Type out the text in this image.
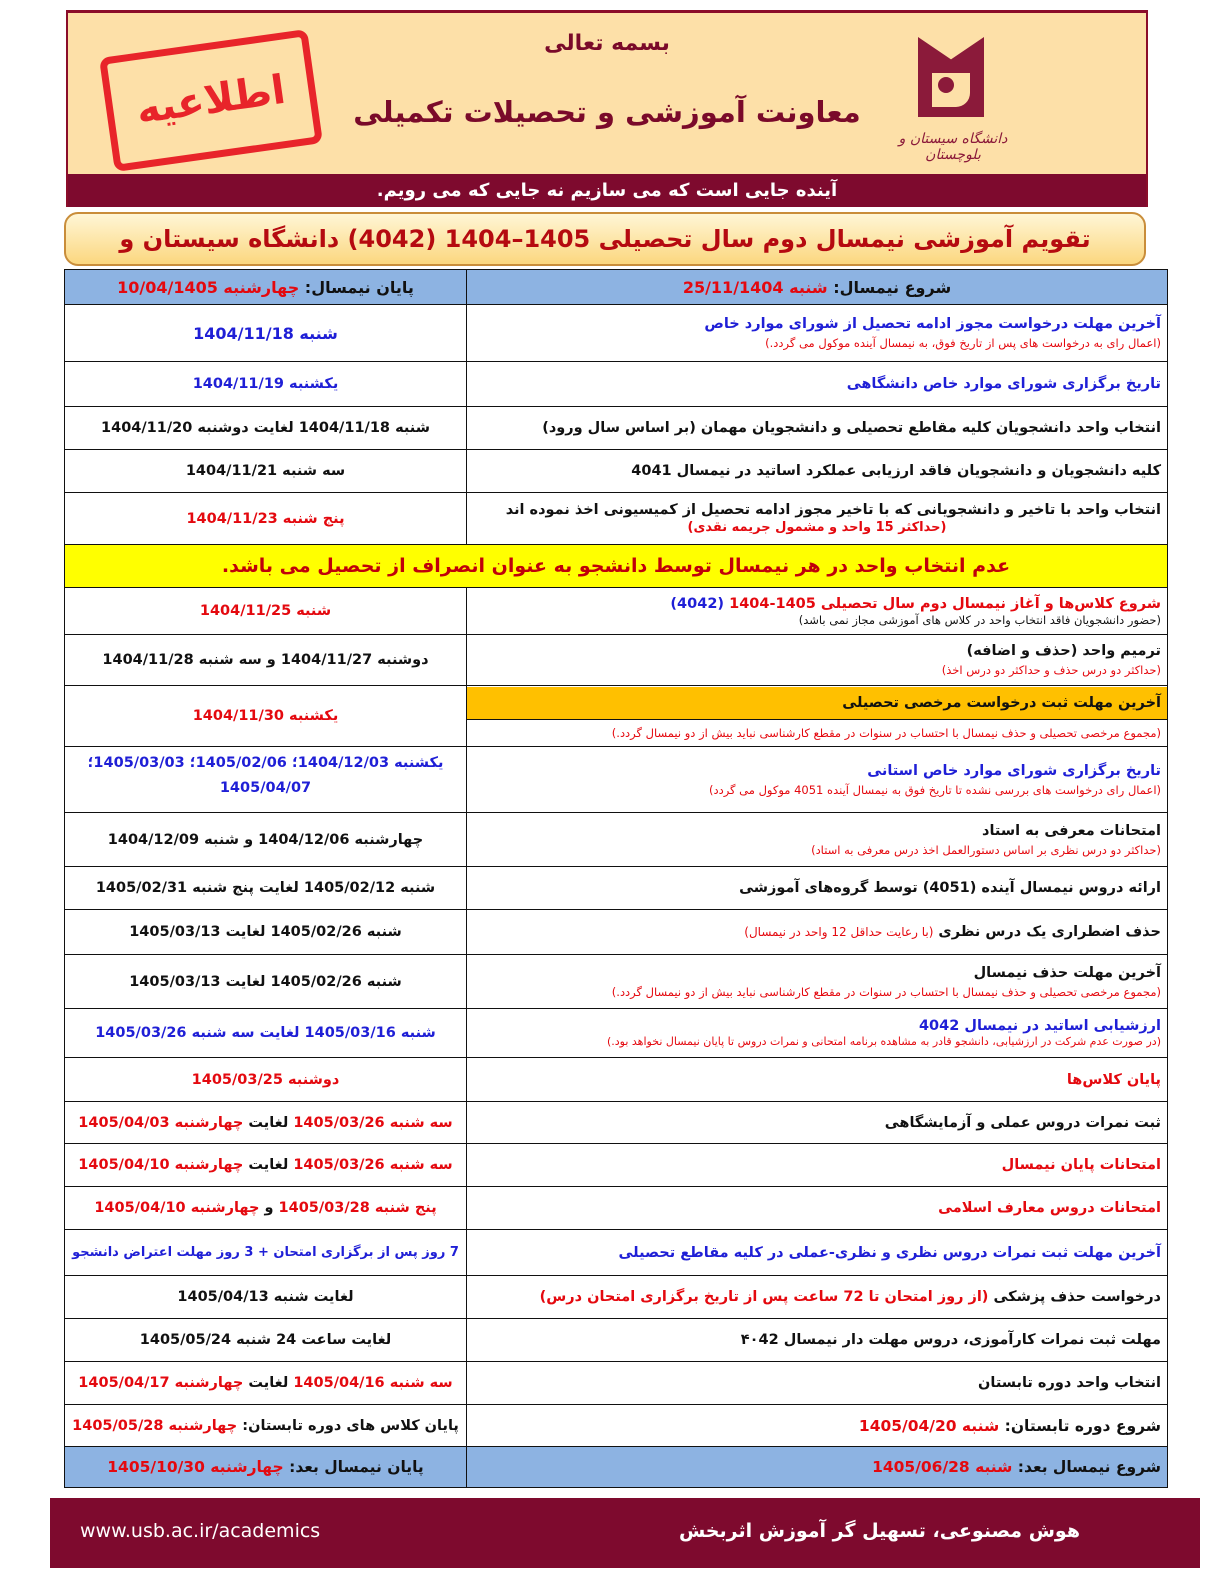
بسمه تعالی
معاونت آموزشی و تحصیلات تکمیلی
اطلاعیه
دانشگاه سیستان و بلوچستان
آینده جایی است که می سازیم نه جایی که می رویم.
تقویم آموزشی نیمسال دوم سال تحصیلی 1405–1404 (4042) دانشگاه سیستان و بلوچستان	شروع نیمسال: شنبه 25/11/1404	پایان نیمسال: چهارشنبه 10/04/1405
آخرین مهلت درخواست مجوز ادامه تحصیل از شورای موارد خاص
(اعمال رای به درخواست های پس از تاریخ فوق، به نیمسال آینده موکول می گردد.)
	شنبه 1404/11/18
تاریخ برگزاری شورای موارد خاص دانشگاهی	یکشنبه 1404/11/19
انتخاب واحد دانشجویان کلیه مقاطع تحصیلی و دانشجویان مهمان (بر اساس سال ورود)	شنبه 1404/11/18 لغایت دوشنبه 1404/11/20
کلیه دانشجویان و دانشجویان فاقد ارزیابی عملکرد اساتید در نیمسال 4041	سه شنبه 1404/11/21
انتخاب واحد با تاخیر و دانشجویانی که با تاخیر مجوز ادامه تحصیل از کمیسیونی اخذ نموده اند
(حداکثر 15 واحد و مشمول جریمه نقدی)
	پنج شنبه 1404/11/23
عدم انتخاب واحد در هر نیمسال توسط دانشجو به عنوان انصراف از تحصیل می باشد.
شروع کلاس‌ها و آغاز نیمسال دوم سال تحصیلی 1405-1404 (4042)
(حضور دانشجویان فاقد انتخاب واحد در کلاس های آموزشی مجاز نمی باشد)
	شنبه 1404/11/25
ترمیم واحد (حذف و اضافه)
(حداکثر دو درس حذف و حداکثر دو درس اخذ)
	دوشنبه 1404/11/27 و سه شنبه 1404/11/28

آخرین مهلت ثبت درخواست مرخصی تحصیلی
(مجموع مرخصی تحصیلی و حذف نیمسال با احتساب در سنوات در مقطع کارشناسی نباید بیش از دو نیمسال گردد.)
	یکشنبه 1404/11/30
تاریخ برگزاری شورای موارد خاص استانی
(اعمال رای درخواست های بررسی نشده تا تاریخ فوق به نیمسال آینده 4051 موکول می گردد)
	یکشنبه 1404/12/03؛ 1405/02/06؛ 1405/03/03؛
1405/04/07
امتحانات معرفی به استاد
(حداکثر دو درس نظری بر اساس دستورالعمل اخذ درس معرفی به استاد)
	چهارشنبه 1404/12/06 و شنبه 1404/12/09
ارائه دروس نیمسال آینده (4051) توسط گروه‌های آموزشی	شنبه 1405/02/12 لغایت پنج شنبه 1405/02/31
حذف اضطراری یک درس نظری (با رعایت حداقل 12 واحد در نیمسال)	شنبه 1405/02/26 لغایت 1405/03/13
آخرین مهلت حذف نیمسال
(مجموع مرخصی تحصیلی و حذف نیمسال با احتساب در سنوات در مقطع کارشناسی نباید بیش از دو نیمسال گردد.)
	شنبه 1405/02/26 لغایت 1405/03/13
ارزشیابی اساتید در نیمسال 4042
(در صورت عدم شرکت در ارزشیابی، دانشجو قادر به مشاهده برنامه امتحانی و نمرات دروس تا پایان نیمسال نخواهد بود.)
	شنبه 1405/03/16 لغایت سه شنبه 1405/03/26
پایان کلاس‌ها	دوشنبه 1405/03/25
ثبت نمرات دروس عملی و آزمایشگاهی	سه شنبه 1405/03/26 لغایت چهارشنبه 1405/04/03
امتحانات پایان نیمسال	سه شنبه 1405/03/26 لغایت چهارشنبه 1405/04/10
امتحانات دروس معارف اسلامی	پنج شنبه 1405/03/28 و چهارشنبه 1405/04/10
آخرین مهلت ثبت نمرات دروس نظری و نظری-عملی در کلیه مقاطع تحصیلی	7 روز پس از برگزاری امتحان + 3 روز مهلت اعتراض دانشجو
درخواست حذف پزشکی (از روز امتحان تا 72 ساعت پس از تاریخ برگزاری امتحان درس)	لغایت شنبه 1405/04/13
مهلت ثبت نمرات کارآموزی، دروس مهلت دار نیمسال ۴۰42	لغایت ساعت 24 شنبه 1405/05/24
انتخاب واحد دوره تابستان	سه شنبه 1405/04/16 لغایت چهارشنبه 1405/04/17
شروع دوره تابستان: شنبه 1405/04/20	پایان کلاس های دوره تابستان: چهارشنبه 1405/05/28
شروع نیمسال بعد: شنبه 1405/06/28	پایان نیمسال بعد: چهارشنبه 1405/10/30
www.usb.ac.ir/academics	هوش مصنوعی، تسهیل گر آموزش اثربخش
